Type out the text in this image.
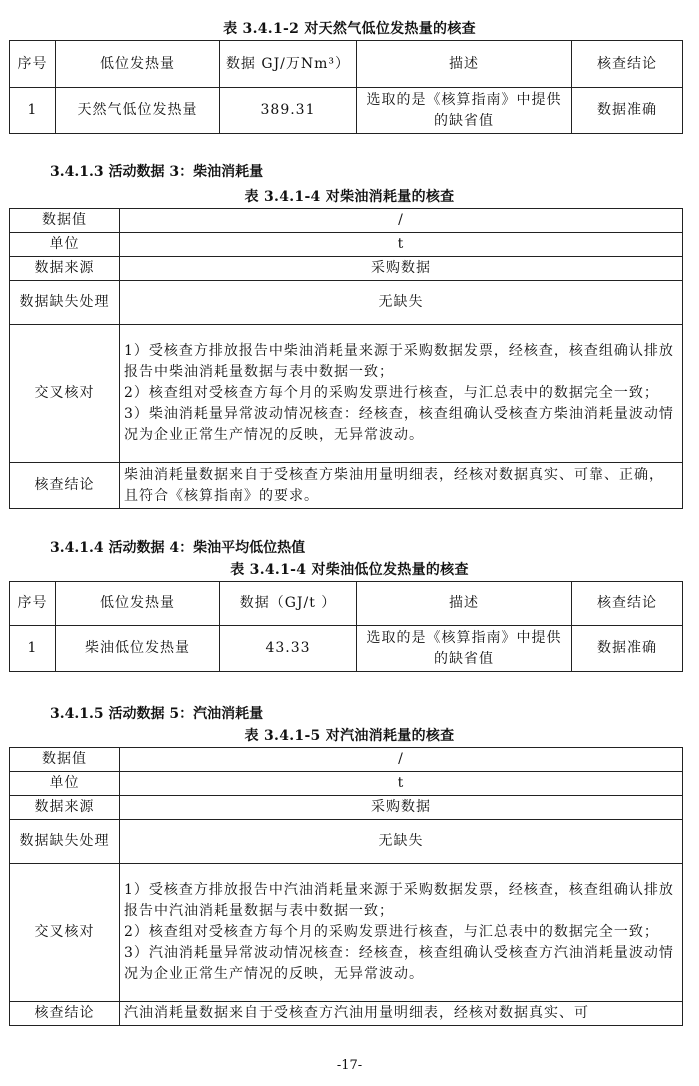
表 3.4.1-2 对天然气低位发热量的核查
序号	低位发热量	数据 GJ/万Nm³）	描述	核查结论
1	天然气低位发热量	389.31	选取的是《核算指南》中提供的缺省值	数据准确
3.4.1.3 活动数据 3：柴油消耗量
表 3.4.1-4 对柴油消耗量的核查
数据值	/
单位	t
数据来源	采购数据
数据缺失处理	无缺失
交叉核对	1）受核查方排放报告中柴油消耗量来源于采购数据发票，经核查，核查组确认排放报告中柴油消耗量数据与表中数据一致；
2）核查组对受核查方每个月的采购发票进行核查，与汇总表中的数据完全一致；
3）柴油消耗量异常波动情况核查：经核查，核查组确认受核查方柴油消耗量波动情况为企业正常生产情况的反映，无异常波动。

核查结论	柴油消耗量数据来自于受核查方柴油用量明细表，经核对数据真实、可靠、正确，且符合《核算指南》的要求。
3.4.1.4 活动数据 4：柴油平均低位热值
表 3.4.1-4 对柴油低位发热量的核查
序号	低位发热量	数据（GJ/t ）	描述	核查结论
1	柴油低位发热量	43.33	选取的是《核算指南》中提供的缺省值	数据准确
3.4.1.5 活动数据 5：汽油消耗量
表 3.4.1-5 对汽油消耗量的核查
数据值	/
单位	t
数据来源	采购数据
数据缺失处理	无缺失
交叉核对	1）受核查方排放报告中汽油消耗量来源于采购数据发票，经核查，核查组确认排放报告中汽油消耗量数据与表中数据一致；
2）核查组对受核查方每个月的采购发票进行核查，与汇总表中的数据完全一致；
3）汽油消耗量异常波动情况核查：经核查，核查组确认受核查方汽油消耗量波动情况为企业正常生产情况的反映，无异常波动。

核查结论	汽油消耗量数据来自于受核查方汽油用量明细表，经核对数据真实、可
-17-
